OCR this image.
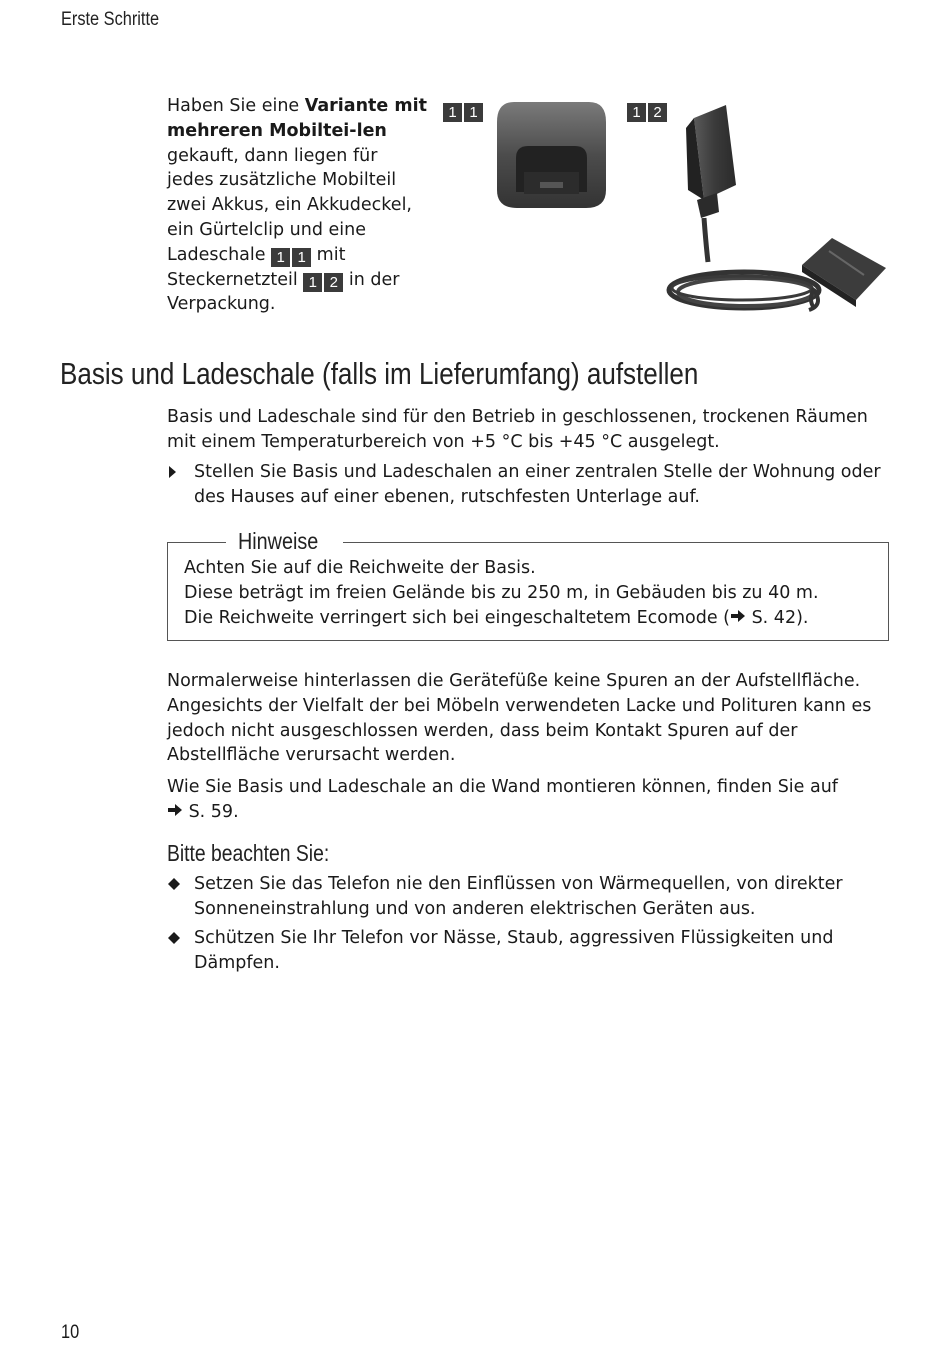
Erste Schritte
Haben Sie eine Variante mit mehreren Mobiltei-len gekauft, dann liegen für jedes zusätzliche Mobilteil zwei Akkus, ein Akkudeckel, ein Gürtelclip und eine Ladeschale 1 1 mit Steckernetzteil 1 2 in der Verpackung.
1 1	1 2
Basis und Ladeschale (falls im Lieferumfang) aufstellen
Basis und Ladeschale sind für den Betrieb in geschlossenen, trockenen Räumen mit einem Temperaturbereich von +5 °C bis +45 °C ausgelegt.
Stellen Sie Basis und Ladeschalen an einer zentralen Stelle der Wohnung oder des Hauses auf einer ebenen, rutschfesten Unterlage auf.
Hinweise
Achten Sie auf die Reichweite der Basis.
Diese beträgt im freien Gelände bis zu 250 m, in Gebäuden bis zu 40 m.
Die Reichweite verringert sich bei eingeschaltetem Ecomode ( S. 42).
Normalerweise hinterlassen die Gerätefüße keine Spuren an der Aufstellfläche. Angesichts der Vielfalt der bei Möbeln verwendeten Lacke und Polituren kann es jedoch nicht ausgeschlossen werden, dass beim Kontakt Spuren auf der Abstellfläche verursacht werden.
Wie Sie Basis und Ladeschale an die Wand montieren können, finden Sie auf
S. 59.
Bitte beachten Sie:
Setzen Sie das Telefon nie den Einflüssen von Wärmequellen, von direkter Sonneneinstrahlung und von anderen elektrischen Geräten aus.
Schützen Sie Ihr Telefon vor Nässe, Staub, aggressiven Flüssigkeiten und Dämpfen.
10
